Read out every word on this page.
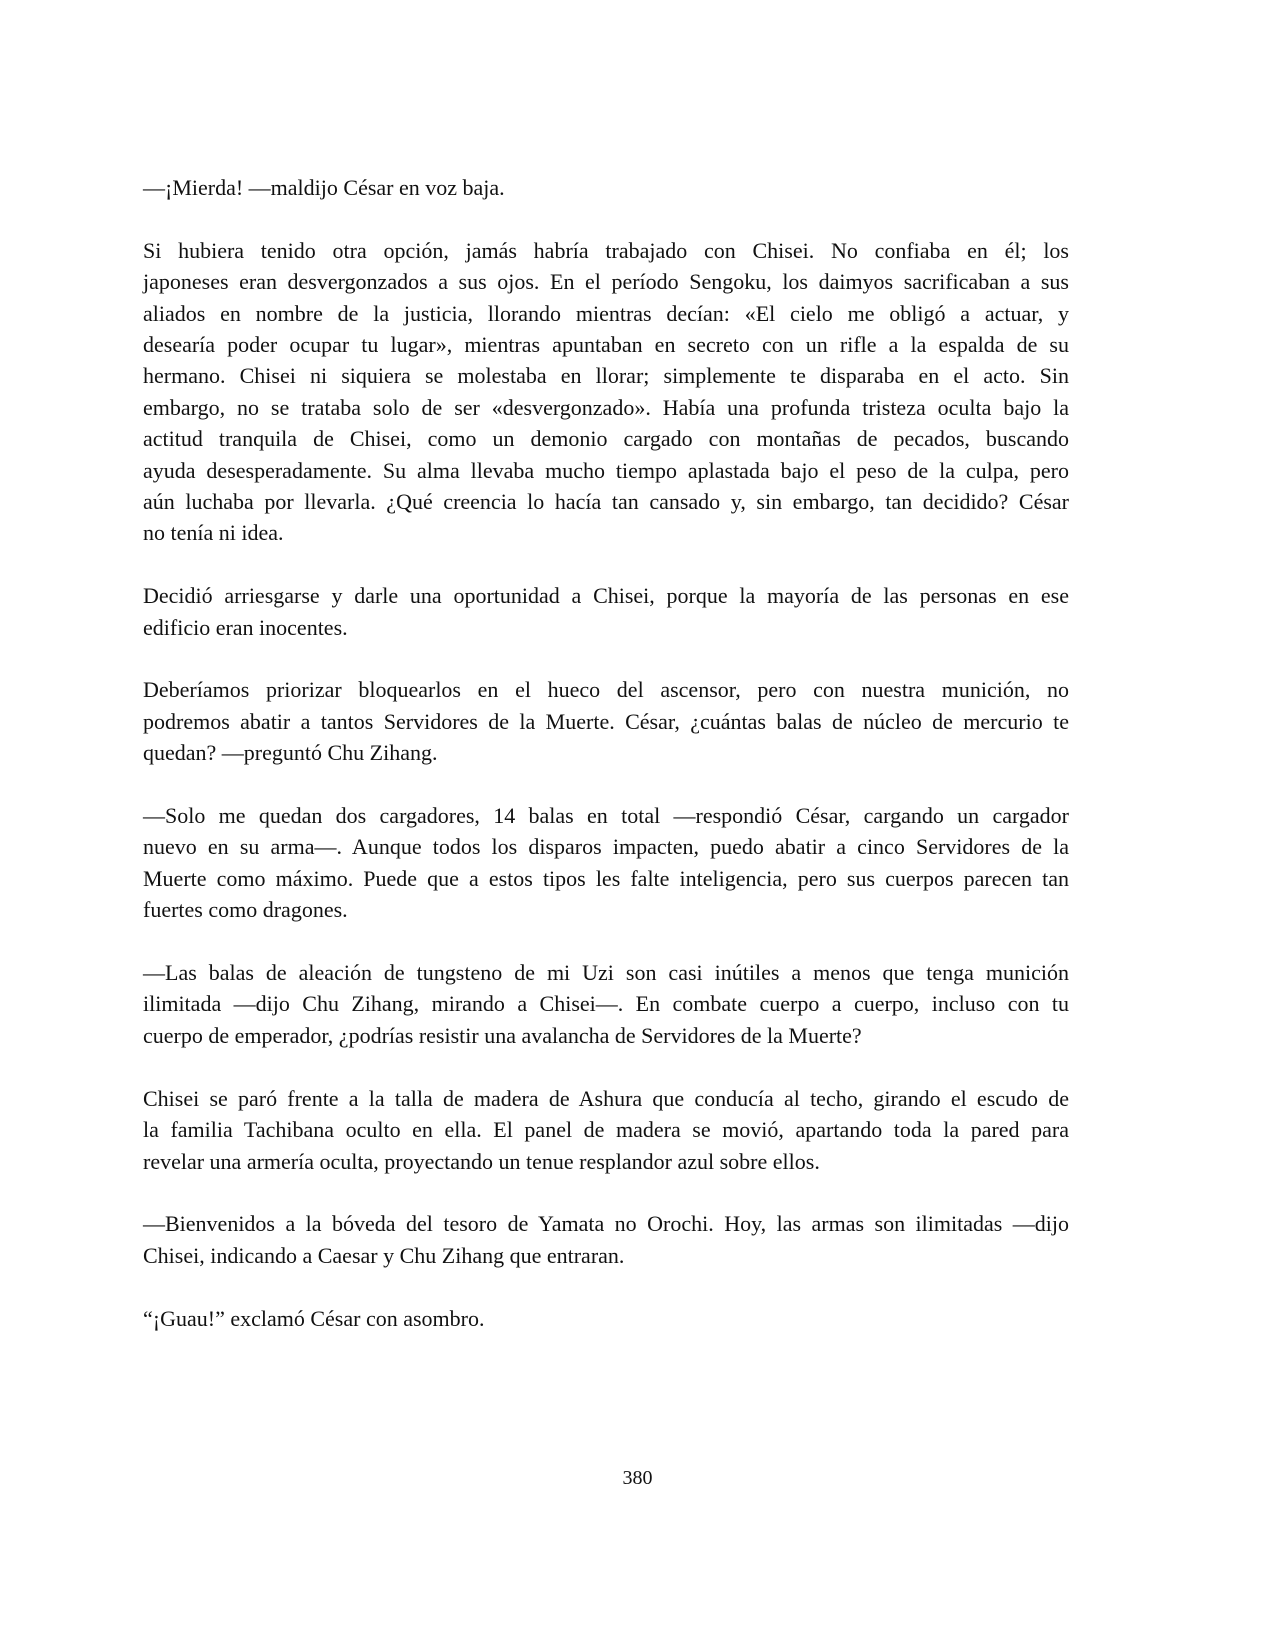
—¡Mierda! —maldijo César en voz baja.
Si hubiera tenido otra opción, jamás habría trabajado con Chisei. No confiaba en él; los
japoneses eran desvergonzados a sus ojos. En el período Sengoku, los daimyos sacrificaban a sus
aliados en nombre de la justicia, llorando mientras decían: «El cielo me obligó a actuar, y
desearía poder ocupar tu lugar», mientras apuntaban en secreto con un rifle a la espalda de su
hermano. Chisei ni siquiera se molestaba en llorar; simplemente te disparaba en el acto. Sin
embargo, no se trataba solo de ser «desvergonzado». Había una profunda tristeza oculta bajo la
actitud tranquila de Chisei, como un demonio cargado con montañas de pecados, buscando
ayuda desesperadamente. Su alma llevaba mucho tiempo aplastada bajo el peso de la culpa, pero
aún luchaba por llevarla. ¿Qué creencia lo hacía tan cansado y, sin embargo, tan decidido? César
no tenía ni idea.
Decidió arriesgarse y darle una oportunidad a Chisei, porque la mayoría de las personas en ese
edificio eran inocentes.
Deberíamos priorizar bloquearlos en el hueco del ascensor, pero con nuestra munición, no
podremos abatir a tantos Servidores de la Muerte. César, ¿cuántas balas de núcleo de mercurio te
quedan? —preguntó Chu Zihang.
—Solo me quedan dos cargadores, 14 balas en total —respondió César, cargando un cargador
nuevo en su arma—. Aunque todos los disparos impacten, puedo abatir a cinco Servidores de la
Muerte como máximo. Puede que a estos tipos les falte inteligencia, pero sus cuerpos parecen tan
fuertes como dragones.
—Las balas de aleación de tungsteno de mi Uzi son casi inútiles a menos que tenga munición
ilimitada —dijo Chu Zihang, mirando a Chisei—. En combate cuerpo a cuerpo, incluso con tu
cuerpo de emperador, ¿podrías resistir una avalancha de Servidores de la Muerte?
Chisei se paró frente a la talla de madera de Ashura que conducía al techo, girando el escudo de
la familia Tachibana oculto en ella. El panel de madera se movió, apartando toda la pared para
revelar una armería oculta, proyectando un tenue resplandor azul sobre ellos.
—Bienvenidos a la bóveda del tesoro de Yamata no Orochi. Hoy, las armas son ilimitadas —dijo
Chisei, indicando a Caesar y Chu Zihang que entraran.
“¡Guau!” exclamó César con asombro.
380
